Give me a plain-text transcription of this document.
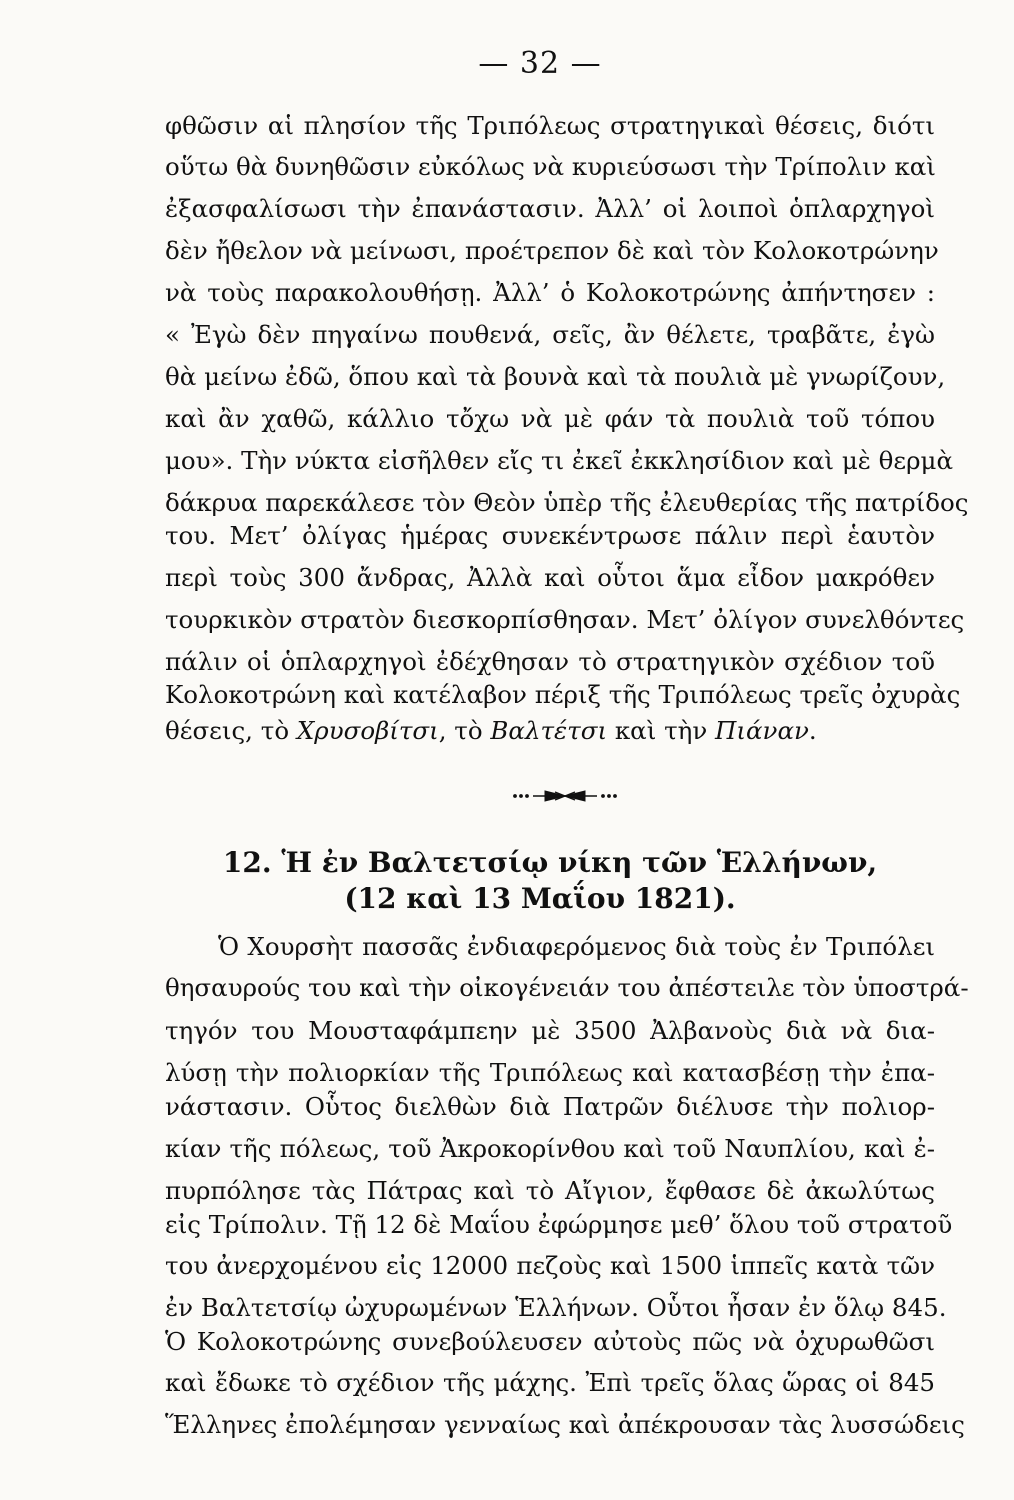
— 32 —
φθῶσιν αἱ πλησίον τῆς Τριπόλεως στρατηγικαὶ θέσεις, διότι
οὕτω θὰ δυνηθῶσιν εὐκόλως νὰ κυριεύσωσι τὴν Τρίπολιν καὶ
ἐξασφαλίσωσι τὴν ἐπανάστασιν. Ἀλλ’ οἱ λοιποὶ ὁπλαρχηγοὶ
δὲν ἤθελον νὰ μείνωσι, προέτρεπον δὲ καὶ τὸν Κολοκοτρώνην
νὰ τοὺς παρακολουθήσῃ. Ἀλλ’ ὁ Κολοκοτρώνης ἀπήντησεν :
« Ἐγὼ δὲν πηγαίνω πουθενά, σεῖς, ἂν θέλετε, τραβᾶτε, ἐγὼ
θὰ μείνω ἐδῶ, ὅπου καὶ τὰ βουνὰ καὶ τὰ πουλιὰ μὲ γνωρίζουν,
καὶ ἂν χαθῶ, κάλλιο τὄχω νὰ μὲ φάν τὰ πουλιὰ τοῦ τόπου
μου». Τὴν νύκτα εἰσῆλθεν εἴς τι ἐκεῖ ἐκκλησίδιον καὶ μὲ θερμὰ
δάκρυα παρεκάλεσε τὸν Θεὸν ὑπὲρ τῆς ἐλευθερίας τῆς πατρίδος
του. Μετ’ ὀλίγας ἡμέρας συνεκέντρωσε πάλιν περὶ ἑαυτὸν
περὶ τοὺς 300 ἄνδρας, Ἀλλὰ καὶ οὗτοι ἅμα εἶδον μακρόθεν
τουρκικὸν στρατὸν διεσκορπίσθησαν. Μετ’ ὀλίγον συνελθόντες
πάλιν οἱ ὁπλαρχηγοὶ ἐδέχθησαν τὸ στρατηγικὸν σχέδιον τοῦ
Κολοκοτρώνη καὶ κατέλαβον πέριξ τῆς Τριπόλεως τρεῖς ὀχυρὰς
θέσεις, τὸ Χρυσοβίτσι, τὸ Βαλτέτσι καὶ τὴν Πιάναν.
12. Ἡ ἐν Βαλτετσίῳ νίκη τῶν Ἑλλήνων,
(12 καὶ 13 Μαΐου 1821).
Ὁ Χουρσὴτ πασσᾶς ἐνδιαφερόμενος διὰ τοὺς ἐν Τριπόλει
θησαυρούς του καὶ τὴν οἰκογένειάν του ἀπέστειλε τὸν ὑποστρά-
τηγόν του Μουσταφάμπεην μὲ 3500 Ἀλβανοὺς διὰ νὰ δια-
λύσῃ τὴν πολιορκίαν τῆς Τριπόλεως καὶ κατασβέσῃ τὴν ἐπα-
νάστασιν. Οὗτος διελθὼν διὰ Πατρῶν διέλυσε τὴν πολιορ-
κίαν τῆς πόλεως, τοῦ Ἀκροκορίνθου καὶ τοῦ Ναυπλίου, καὶ ἐ-
πυρπόλησε τὰς Πάτρας καὶ τὸ Αἴγιον, ἔφθασε δὲ ἀκωλύτως
εἰς Τρίπολιν. Τῇ 12 δὲ Μαΐου ἐφώρμησε μεθ’ ὅλου τοῦ στρατοῦ
του ἀνερχομένου εἰς 12000 πεζοὺς καὶ 1500 ἱππεῖς κατὰ τῶν
ἐν Βαλτετσίῳ ὠχυρωμένων Ἑλλήνων. Οὗτοι ἦσαν ἐν ὅλῳ 845.
Ὁ Κολοκοτρώνης συνεβούλευσεν αὐτοὺς πῶς νὰ ὀχυρωθῶσι
καὶ ἔδωκε τὸ σχέδιον τῆς μάχης. Ἐπὶ τρεῖς ὅλας ὥρας οἱ 845
Ἕλληνες ἐπολέμησαν γενναίως καὶ ἀπέκρουσαν τὰς λυσσώδεις
